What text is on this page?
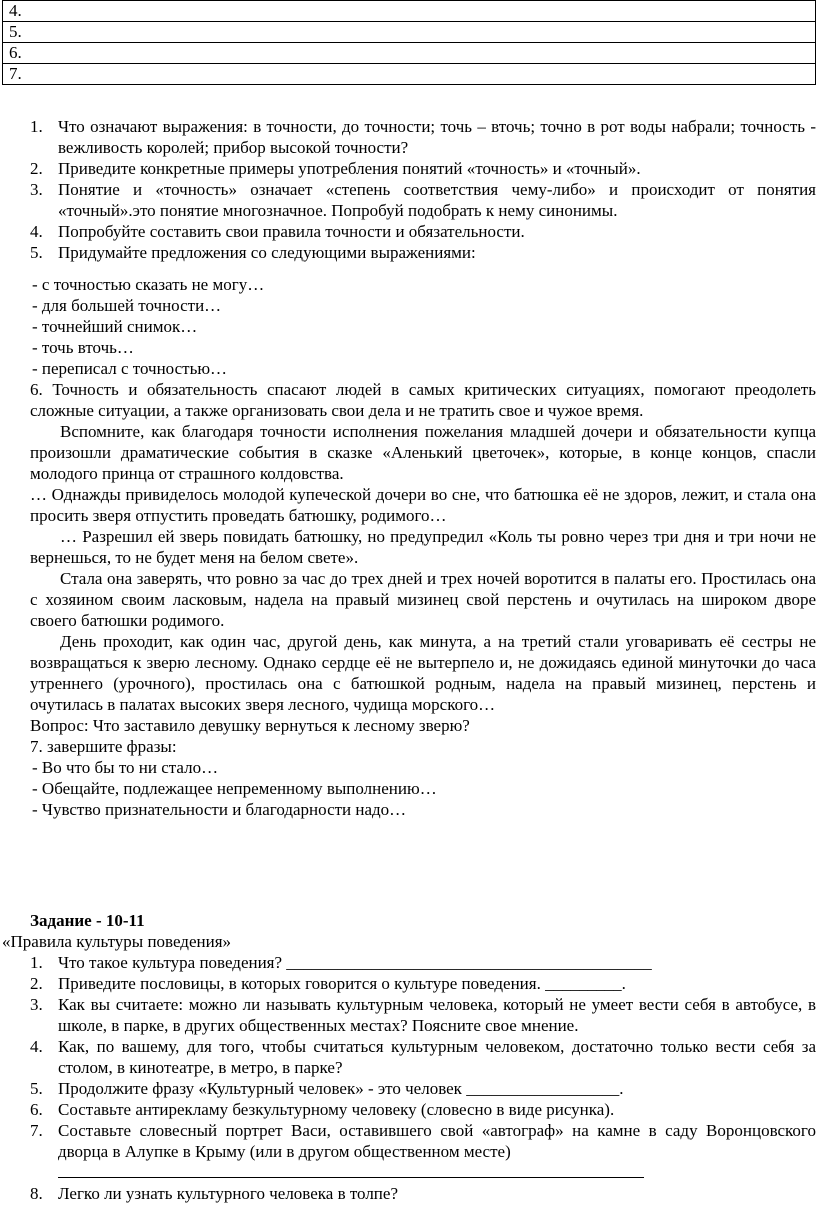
4.
5.
6.
7.
1. Что означают выражения: в точности, до точности; точь – вточь; точно в рот воды набрали; точность - вежливость королей; прибор высокой точности?
2. Приведите конкретные примеры употребления понятий «точность» и «точный».
3. Понятие и «точность» означает «степень соответствия чему-либо» и происходит от понятия «точный».это понятие многозначное. Попробуй подобрать к нему синонимы.
4. Попробуйте составить свои правила точности и обязательности.
5. Придумайте предложения со следующими выражениями:
- с точностью сказать не могу…
- для большей точности…
- точнейший снимок…
- точь вточь…
- переписал с точностью…
6. Точность и обязательность спасают людей в самых критических ситуациях, помогают преодолеть сложные ситуации, а также организовать свои дела и не тратить свое и чужое время.
Вспомните, как благодаря точности исполнения пожелания младшей дочери и обязательности купца произошли драматические события в сказке «Аленький цветочек», которые, в конце концов, спасли молодого принца от страшного колдовства.
… Однажды привиделось молодой купеческой дочери во сне, что батюшка её не здоров, лежит, и стала она просить зверя отпустить проведать батюшку, родимого…
… Разрешил ей зверь повидать батюшку, но предупредил «Коль ты ровно через три дня и три ночи не вернешься, то не будет меня на белом свете».
Стала она заверять, что ровно за час до трех дней и трех ночей воротится в палаты его. Простилась она с хозяином своим ласковым, надела на правый мизинец свой перстень и очутилась на широком дворе своего батюшки родимого.
День проходит, как один час, другой день, как минута, а на третий стали уговаривать её сестры не возвращаться к зверю лесному. Однако сердце её не вытерпело и, не дожидаясь единой минуточки до часа утреннего (урочного), простилась она с батюшкой родным, надела на правый мизинец, перстень и очутилась в палатах высоких зверя лесного, чудища морского…
Вопрос: Что заставило девушку вернуться к лесному зверю?
7. завершите фразы:
- Во что бы то ни стало…
- Обещайте, подлежащее непременному выполнению…
- Чувство признательности и благодарности надо…
Задание - 10-11
«Правила культуры поведения»
1. Что такое культура поведения? ___________________________________________
2. Приведите пословицы, в которых говорится о культуре поведения. _________.
3. Как вы считаете: можно ли называть культурным человека, который не умеет вести себя в автобусе, в школе, в парке, в других общественных местах? Поясните свое мнение.
4. Как, по вашему, для того, чтобы считаться культурным человеком, достаточно только вести себя за столом, в кинотеатре, в метро, в парке?
5. Продолжите фразу «Культурный человек» - это человек __________________.
6. Составьте антирекламу безкультурному человеку (словесно в виде рисунка).
7. Составьте словесный портрет Васи, оставившего свой «автограф» на камне в саду Воронцовского дворца в Алупке в Крыму (или в другом общественном месте)
8. Легко ли узнать культурного человека в толпе?
